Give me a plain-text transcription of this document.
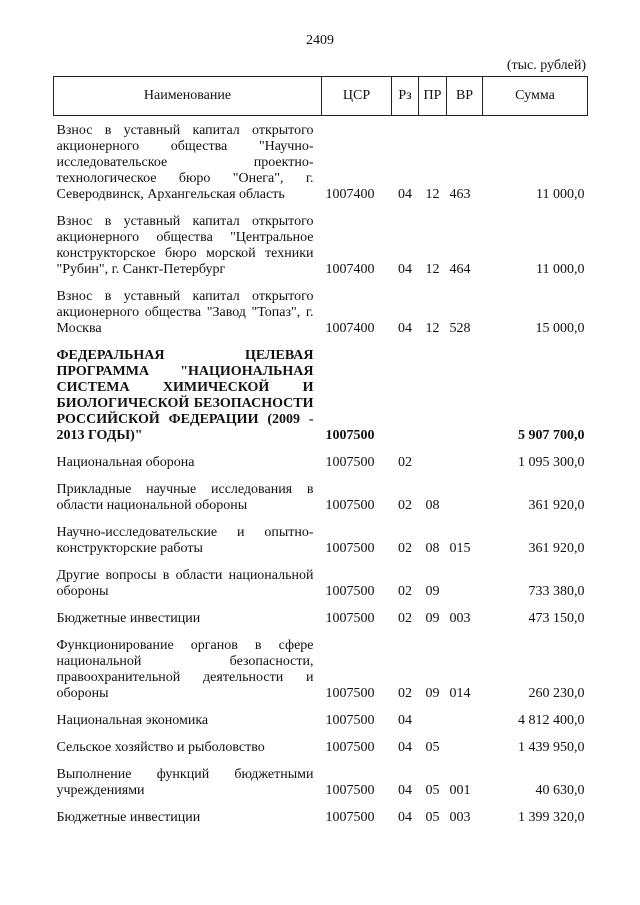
2409
(тыс. рублей)
Наименование	ЦСР	Рз	ПР	ВР	Сумма
Взнос в уставный капитал открытого акционерного общества "Научно-исследовательское проектно-технологическое бюро "Онега", г. Северодвинск, Архангельская область	1007400	04	12	463	11 000,0
Взнос в уставный капитал открытого акционерного общества "Центральное конструкторское бюро морской техники "Рубин", г. Санкт-Петербург	1007400	04	12	464	11 000,0
Взнос в уставный капитал открытого акционерного общества "Завод "Топаз", г. Москва	1007400	04	12	528	15 000,0
ФЕДЕРАЛЬНАЯ ЦЕЛЕВАЯ ПРОГРАММА "НАЦИОНАЛЬНАЯ СИСТЕМА ХИМИЧЕСКОЙ И БИОЛОГИЧЕСКОЙ БЕЗОПАСНОСТИ РОССИЙСКОЙ ФЕДЕРАЦИИ (2009 - 2013 ГОДЫ)"	1007500				5 907 700,0
Национальная оборона	1007500	02			1 095 300,0
Прикладные научные исследования в области национальной обороны	1007500	02	08		361 920,0
Научно-исследовательские и опытно-конструкторские работы	1007500	02	08	015	361 920,0
Другие вопросы в области национальной обороны	1007500	02	09		733 380,0
Бюджетные инвестиции	1007500	02	09	003	473 150,0
Функционирование органов в сфере национальной безопасности, правоохранительной деятельности и обороны	1007500	02	09	014	260 230,0
Национальная экономика	1007500	04			4 812 400,0
Сельское хозяйство и рыболовство	1007500	04	05		1 439 950,0
Выполнение функций бюджетными учреждениями	1007500	04	05	001	40 630,0
Бюджетные инвестиции	1007500	04	05	003	1 399 320,0
